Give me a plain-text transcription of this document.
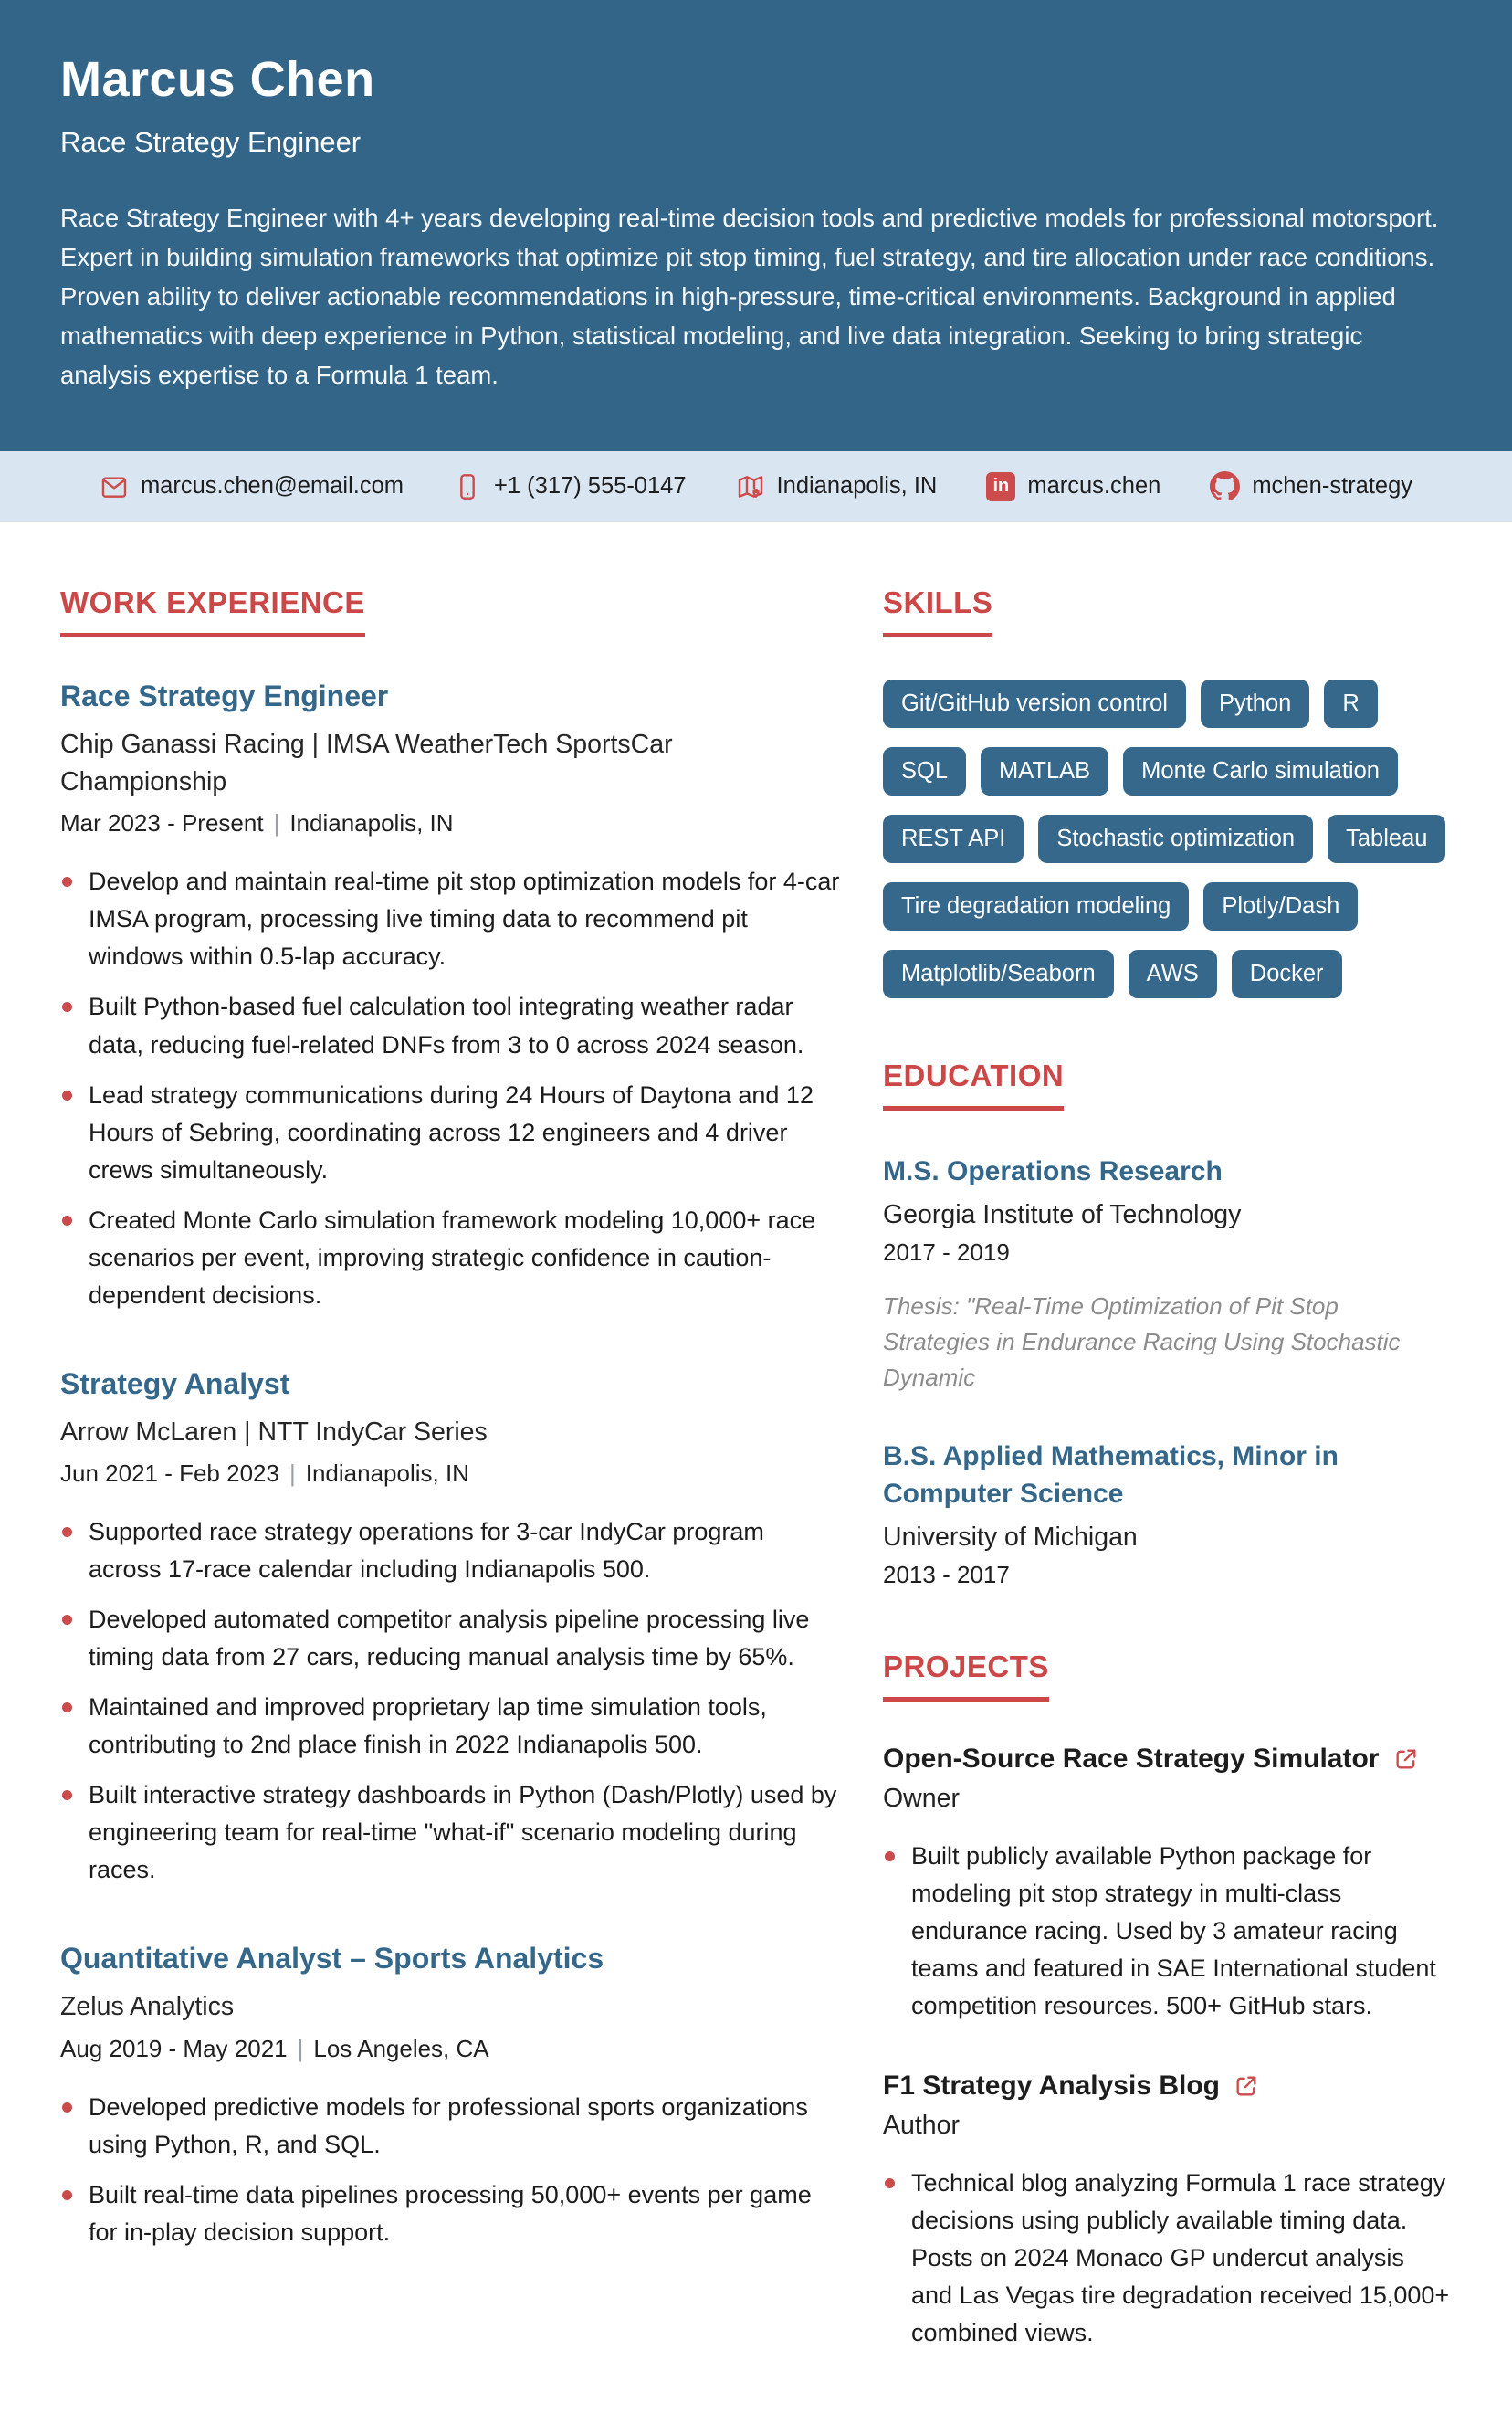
Marcus Chen
Race Strategy Engineer

Race Strategy Engineer with 4+ years developing real-time decision tools and predictive models for professional motorsport. Expert in building simulation frameworks that optimize pit stop timing, fuel strategy, and tire allocation under race conditions. Proven ability to deliver actionable recommendations in high-pressure, time-critical environments. Background in applied mathematics with deep experience in Python, statistical modeling, and live data integration. Seeking to bring strategic analysis expertise to a Formula 1 team.

marcus.chen@email.com	+1 (317) 555-0147	Indianapolis, IN	in marcus.chen	mchen-strategy
WORK EXPERIENCE
Race Strategy Engineer

Chip Ganassi Racing | IMSA WeatherTech SportsCar Championship

Mar 2023 - Present | Indianapolis, IN

Develop and maintain real-time pit stop optimization models for 4-car IMSA program, processing live timing data to recommend pit windows within 0.5-lap accuracy.
Built Python-based fuel calculation tool integrating weather radar data, reducing fuel-related DNFs from 3 to 0 across 2024 season.
Lead strategy communications during 24 Hours of Daytona and 12 Hours of Sebring, coordinating across 12 engineers and 4 driver crews simultaneously.
Created Monte Carlo simulation framework modeling 10,000+ race scenarios per event, improving strategic confidence in caution-dependent decisions.
Strategy Analyst

Arrow McLaren | NTT IndyCar Series

Jun 2021 - Feb 2023 | Indianapolis, IN

Supported race strategy operations for 3-car IndyCar program across 17-race calendar including Indianapolis 500.
Developed automated competitor analysis pipeline processing live timing data from 27 cars, reducing manual analysis time by 65%.
Maintained and improved proprietary lap time simulation tools, contributing to 2nd place finish in 2022 Indianapolis 500.
Built interactive strategy dashboards in Python (Dash/Plotly) used by engineering team for real-time "what-if" scenario modeling during races.
Quantitative Analyst – Sports Analytics

Zelus Analytics

Aug 2019 - May 2021 | Los Angeles, CA

Developed predictive models for professional sports organizations using Python, R, and SQL.
Built real-time data pipelines processing 50,000+ events per game for in-play decision support.
SKILLS
Git/GitHub version control	Python	R
SQL	MATLAB	Monte Carlo simulation
REST API	Stochastic optimization	Tableau
Tire degradation modeling	Plotly/Dash
Matplotlib/Seaborn	AWS	Docker
EDUCATION
M.S. Operations Research

Georgia Institute of Technology

2017 - 2019

Thesis: "Real-Time Optimization of Pit Stop Strategies in Endurance Racing Using Stochastic Dynamic

B.S. Applied Mathematics, Minor in Computer Science

University of Michigan

2013 - 2017

PROJECTS
Open-Source Race Strategy Simulator

Owner

Built publicly available Python package for modeling pit stop strategy in multi-class endurance racing. Used by 3 amateur racing teams and featured in SAE International student competition resources. 500+ GitHub stars.
F1 Strategy Analysis Blog

Author

Technical blog analyzing Formula 1 race strategy decisions using publicly available timing data. Posts on 2024 Monaco GP undercut analysis and Las Vegas tire degradation received 15,000+ combined views.
